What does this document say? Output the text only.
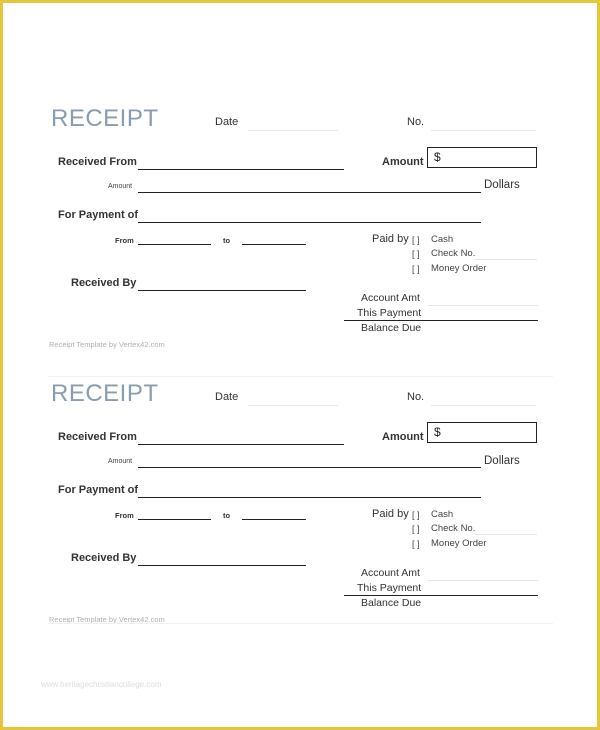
RECEIPT	Date	No.
Received From	Amount $
Amount	Dollars
For Payment of
From	to	Paid by [ ] Cash
[ ] Check No.
[ ] Money Order
Received By
Account Amt
This Payment
Balance Due
Receipt Template by Vertex42.com
RECEIPT	Date	No.
Received From	Amount $
Amount	Dollars
For Payment of
From	to	Paid by [ ] Cash
[ ] Check No.
[ ] Money Order
Received By
Account Amt
This Payment
Balance Due
Receipt Template by Vertex42.com
www.heritagechristiancollege.com
